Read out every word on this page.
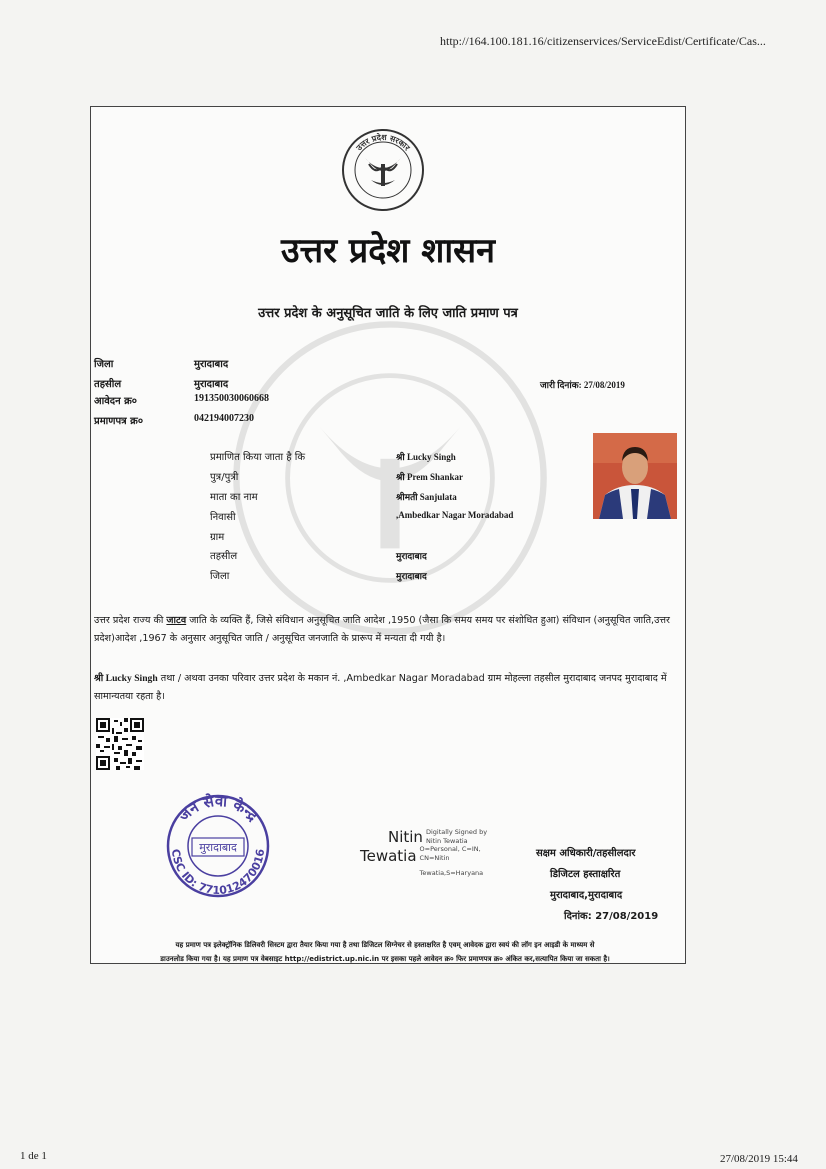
http://164.100.181.16/citizenservices/ServiceEdist/Certificate/Cas...
उत्तर प्रदेश सरकार
उत्तर प्रदेश शासन
उत्तर प्रदेश के अनुसूचित जाति के लिए जाति प्रमाण पत्र
जिला	मुरादाबाद
तहसील	मुरादाबाद
आवेदन क्र०	191350030060668
प्रमाणपत्र क्र०	042194007230
जारी दिनांक: 27/08/2019
प्रमाणित किया जाता है कि	श्री Lucky Singh
पुत्र/पुत्री	श्री Prem Shankar
माता का नाम	श्रीमती Sanjulata
निवासी	,Ambedkar Nagar Moradabad
ग्राम
तहसील	मुरादाबाद
जिला	मुरादाबाद
उत्तर प्रदेश राज्य की जाटव जाति के व्यक्ति हैं, जिसे संविधान अनुसूचित जाति आदेश ,1950 (जैसा कि समय समय पर संशोधित हुआ) संविधान (अनुसूचित जाति,उत्तर प्रदेश)आदेश ,1967 के अनुसार अनुसूचित जाति / अनुसूचित जनजाति के प्रारूप में मन्यता दी गयी है।
श्री Lucky Singh तथा / अथवा उनका परिवार उत्तर प्रदेश के मकान नं. ,Ambedkar Nagar Moradabad ग्राम मोहल्ला तहसील मुरादाबाद जनपद मुरादाबाद में सामान्यतया रहता है।
जन सेवा केन्द्र
CSC ID: 771012470016
मुरादाबाद
Nitin Digitally Signed by
Nitin Tewatia
Tewatia O=Personal, C=IN,
CN=Nitin
Tewatia,S=Haryana
सक्षम अधिकारी/तहसीलदार
डिजिटल हस्ताक्षरित
मुरादाबाद,मुरादाबाद
दिनांक: 27/08/2019
यह प्रमाण पत्र इलेक्ट्रॉनिक डिलिवरी सिस्टम द्वारा तैयार किया गया है तथा डिजिटल सिग्नेचर से हस्ताक्षरित है एवम् आवेदक द्वारा स्वयं की लॉग इन आइडी के माध्यम से
डाउनलोड किया गया है। यह प्रमाण पत्र वेबसाइट http://edistrict.up.nic.in पर इसका पहले आवेदन क्र० फिर प्रमाणपत्र क्र० अंकित कर,सत्यापित किया जा सकता है।
1 de 1	27/08/2019 15:44
